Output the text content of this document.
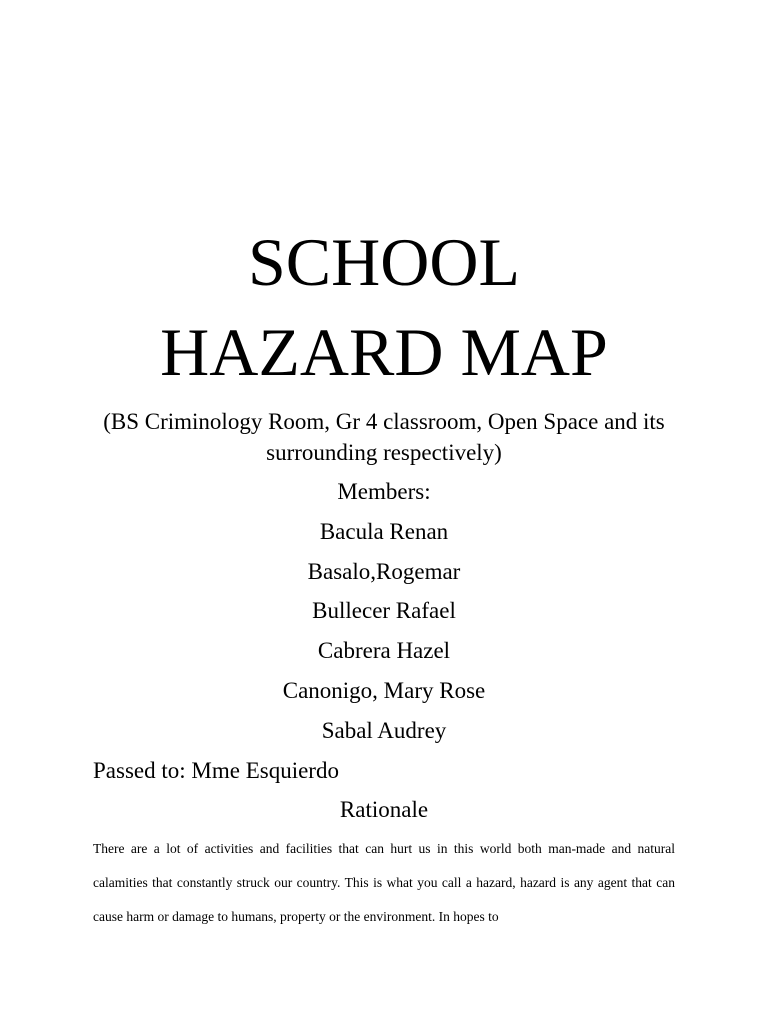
SCHOOL
HAZARD MAP

(BS Criminology Room, Gr 4 classroom, Open Space and its surrounding respectively)

Members:

Bacula Renan

Basalo,Rogemar

Bullecer Rafael

Cabrera Hazel

Canonigo, Mary Rose

Sabal Audrey

Passed to: Mme Esquierdo

Rationale

There are a lot of activities and facilities that can hurt us in this world both man-made and natural calamities that constantly struck our country. This is what you call a hazard, hazard is any agent that can cause harm or damage to humans, property or the environment. In hopes to
